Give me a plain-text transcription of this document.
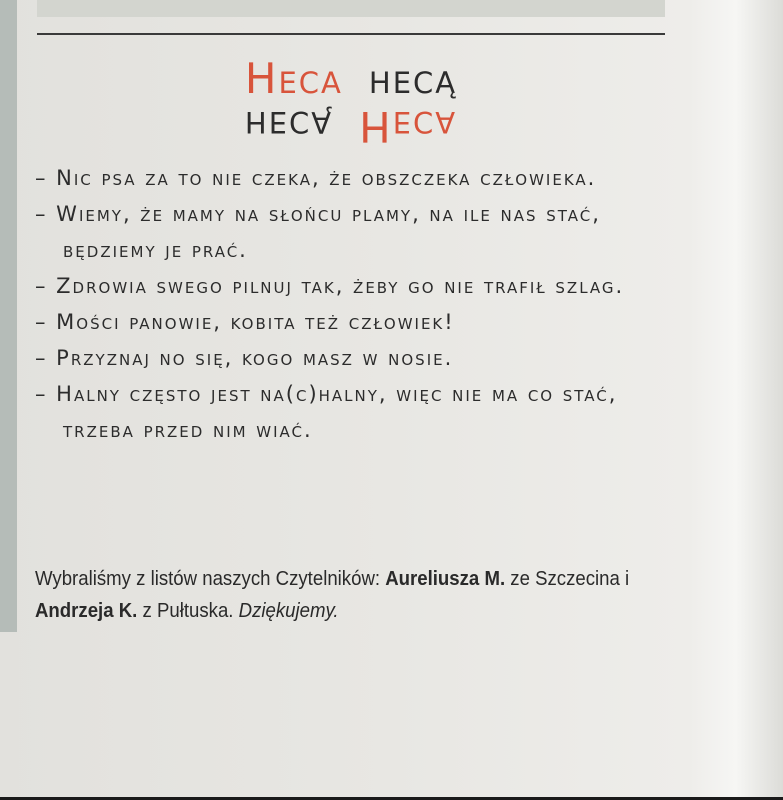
Heca hecą
hecą Heca

– Nic psa za to nie czeka, że obszczeka człowieka.

– Wiemy, że mamy na słońcu plamy, na ile nas stać, będziemy je prać.

– Zdrowia swego pilnuj tak, żeby go nie trafił szlag.

– Mości panowie, kobita też człowiek!

– Przyznaj no się, kogo masz w nosie.

– Halny często jest na(c)halny, więc nie ma co stać, trzeba przed nim wiać.

Wybraliśmy z listów naszych Czytelników: Aureliusza M. ze Szczecina i Andrzeja K. z Pułtuska. Dziękujemy.
